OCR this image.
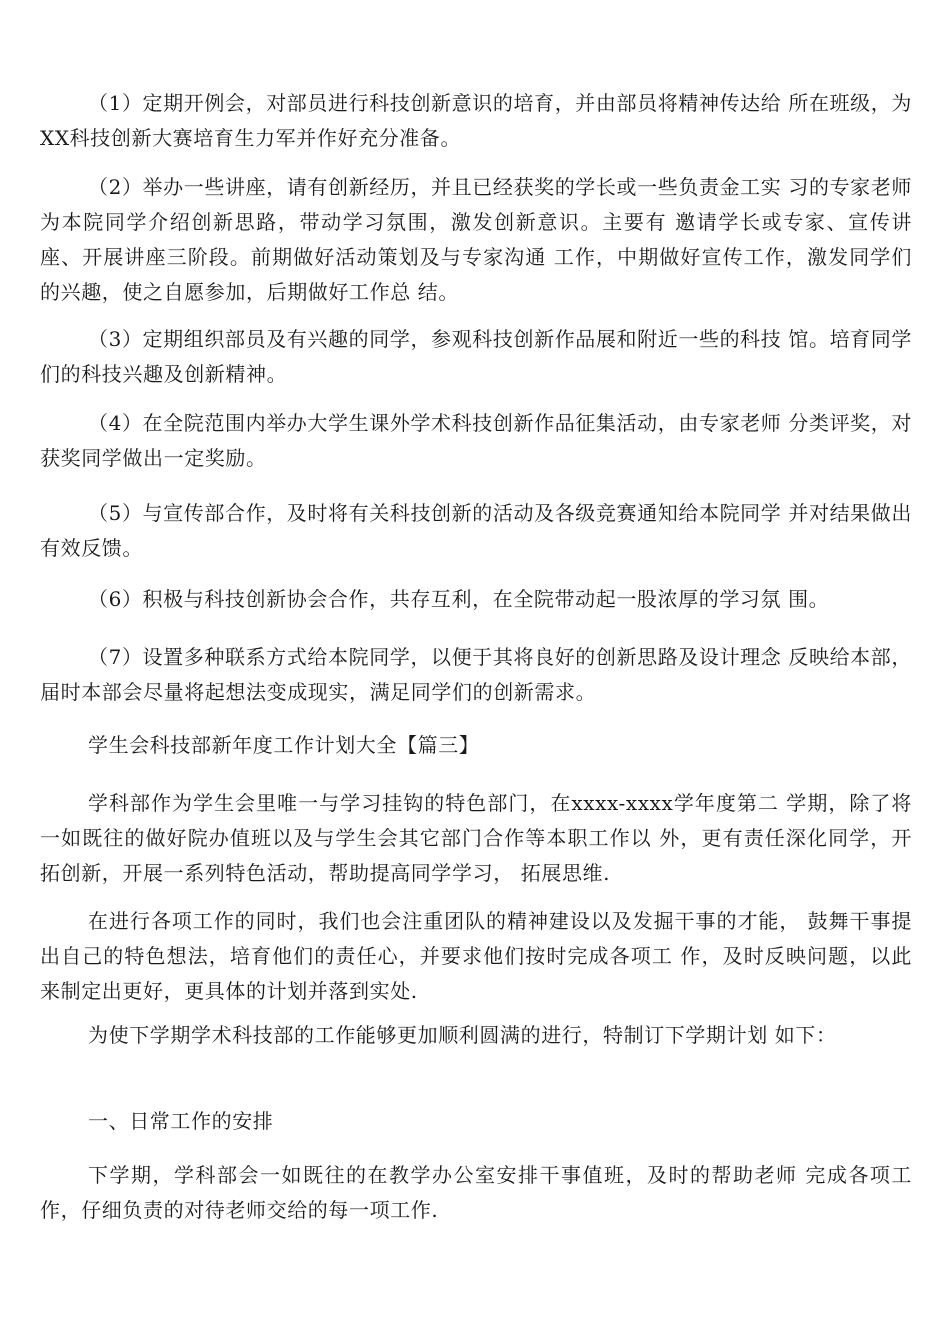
（1）定期开例会，对部员进行科技创新意识的培育，并由部员将精神传达给 所在班级，为XX科技创新大赛培育生力军并作好充分准备。

（2）举办一些讲座，请有创新经历，并且已经获奖的学长或一些负责金工实 习的专家老师为本院同学介绍创新思路，带动学习氛围，激发创新意识。主要有 邀请学长或专家、宣传讲座、开展讲座三阶段。前期做好活动策划及与专家沟通 工作，中期做好宣传工作，激发同学们的兴趣，使之自愿参加，后期做好工作总 结。

（3）定期组织部员及有兴趣的同学，参观科技创新作品展和附近一些的科技 馆。培育同学们的科技兴趣及创新精神。

（4）在全院范围内举办大学生课外学术科技创新作品征集活动，由专家老师 分类评奖，对获奖同学做出一定奖励。

（5）与宣传部合作，及时将有关科技创新的活动及各级竞赛通知给本院同学 并对结果做出有效反馈。

（6）积极与科技创新协会合作，共存互利，在全院带动起一股浓厚的学习氛 围。

（7）设置多种联系方式给本院同学，以便于其将良好的创新思路及设计理念 反映给本部，届时本部会尽量将起想法变成现实，满足同学们的创新需求。

学生会科技部新年度工作计划大全【篇三】

学科部作为学生会里唯一与学习挂钩的特色部门，在xxxx-xxxx学年度第二 学期，除了将一如既往的做好院办值班以及与学生会其它部门合作等本职工作以 外，更有责任深化同学，开拓创新，开展一系列特色活动，帮助提高同学学习， 拓展思维.

在进行各项工作的同时，我们也会注重团队的精神建设以及发掘干事的才能， 鼓舞干事提出自己的特色想法，培育他们的责任心，并要求他们按时完成各项工 作，及时反映问题，以此来制定出更好，更具体的计划并落到实处.

为使下学期学术科技部的工作能够更加顺利圆满的进行，特制订下学期计划 如下：

一、日常工作的安排

下学期，学科部会一如既往的在教学办公室安排干事值班，及时的帮助老师 完成各项工作，仔细负责的对待老师交给的每一项工作.
